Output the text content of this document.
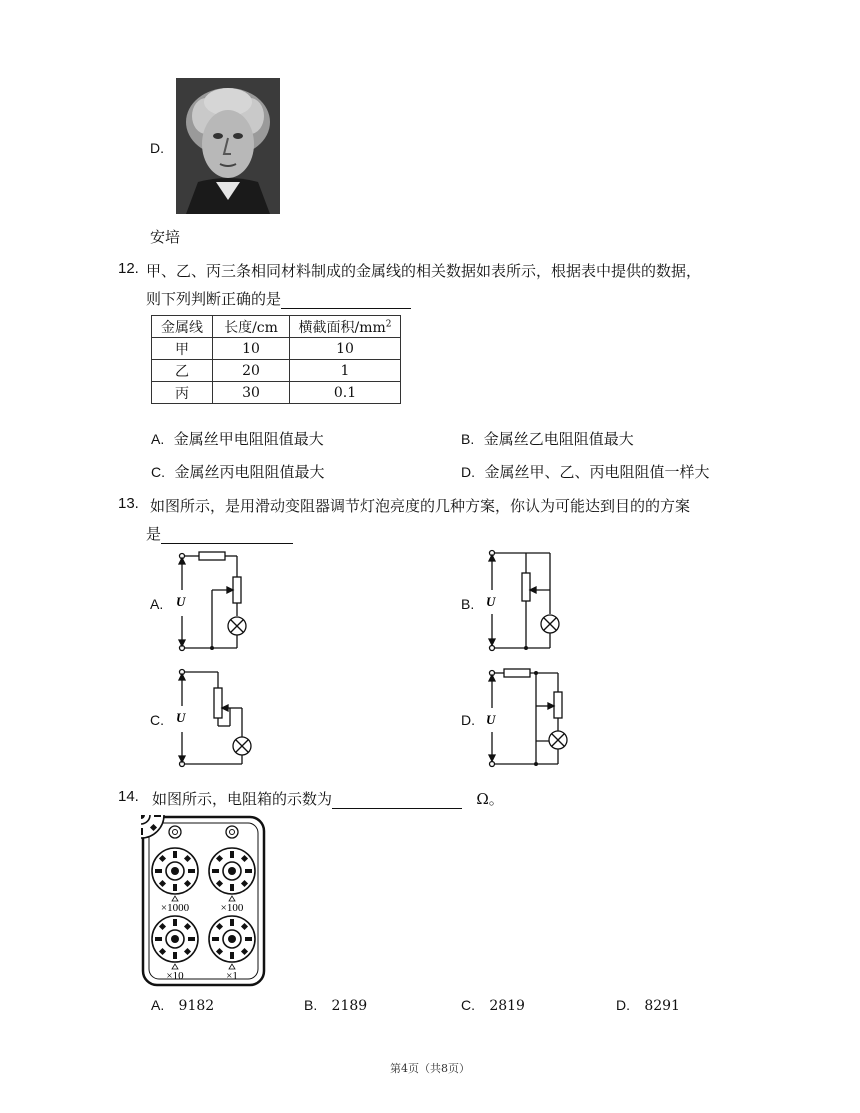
D.
安培
12. 甲、乙、丙三条相同材料制成的金属线的相关数据如表所示，根据表中提供的数据，
则下列判断正确的是
金属线	长度/cm	横截面积$/mm^2$
甲	10	10
乙	20	1
丙	30	0.1
A. 金属丝甲电阻阻值最大	B. 金属丝乙电阻阻值最大
C. 金属丝丙电阻阻值最大	D. 金属丝甲、乙、丙电阻阻值一样大
13. 如图所示，是用滑动变阻器调节灯泡亮度的几种方案，你认为可能达到目的的方案
是
A. U	B. U
C. U	D. U
14. 如图所示，电阻箱的示数为	Ω。
×1000	×100
×10	×1
A. 9182	B. 2189	C. 2819	D. 8291
第4页（共8页）
